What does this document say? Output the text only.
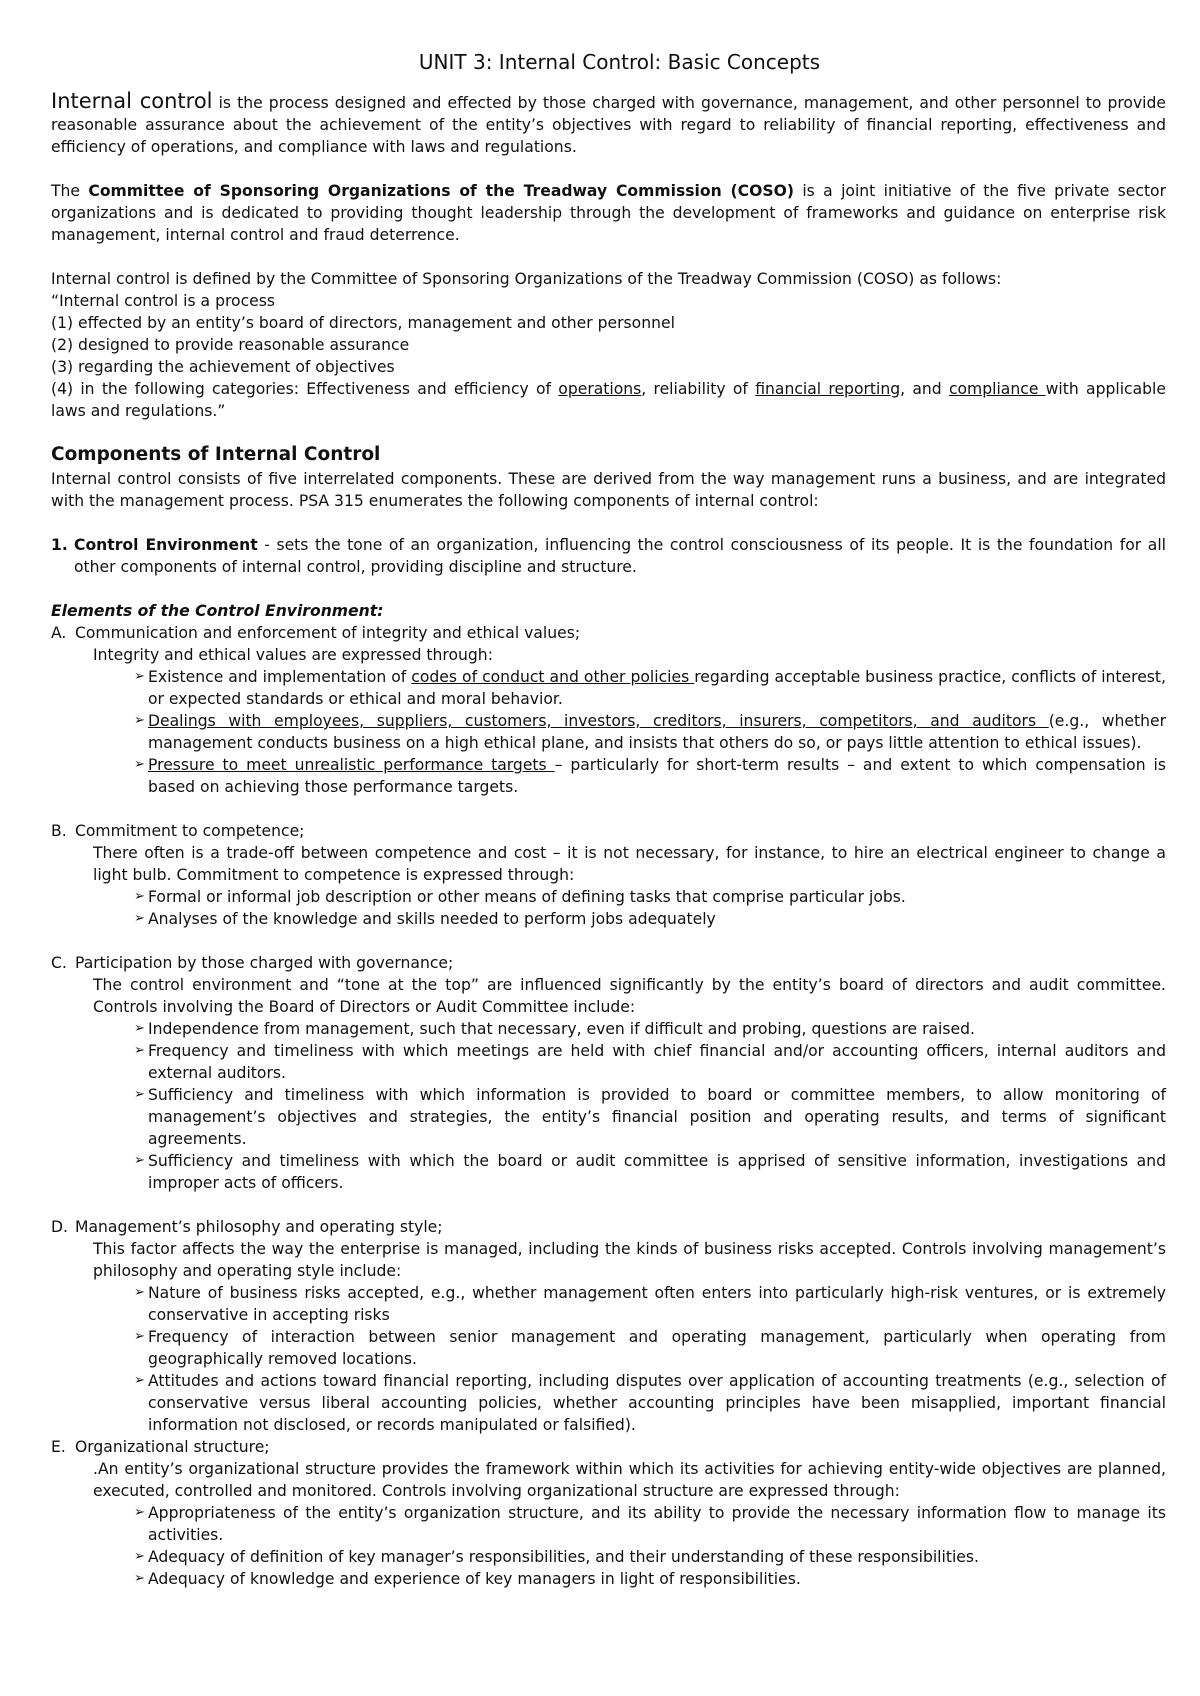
UNIT 3: Internal Control: Basic Concepts

Internal control is the process designed and effected by those charged with governance, management, and other personnel to provide reasonable assurance about the achievement of the entity’s objectives with regard to reliability of financial reporting, effectiveness and efficiency of operations, and compliance with laws and regulations.

The Committee of Sponsoring Organizations of the Treadway Commission (COSO) is a joint initiative of the five private sector organizations and is dedicated to providing thought leadership through the development of frameworks and guidance on enterprise risk management, internal control and fraud deterrence.

Internal control is defined by the Committee of Sponsoring Organizations of the Treadway Commission (COSO) as follows:

“Internal control is a process

(1) effected by an entity’s board of directors, management and other personnel

(2) designed to provide reasonable assurance

(3) regarding the achievement of objectives

(4) in the following categories: Effectiveness and efficiency of operations, reliability of financial reporting, and compliance with applicable laws and regulations.”

Components of Internal Control

Internal control consists of five interrelated components. These are derived from the way management runs a business, and are integrated with the management process. PSA 315 enumerates the following components of internal control:

1. Control Environment - sets the tone of an organization, influencing the control consciousness of its people. It is the foundation for all other components of internal control, providing discipline and structure.

Elements of the Control Environment:

A. Communication and enforcement of integrity and ethical values;

Integrity and ethical values are expressed through:

➢ Existence and implementation of codes of conduct and other policies regarding acceptable business practice, conflicts of interest, or expected standards or ethical and moral behavior.
➢ Dealings with employees, suppliers, customers, investors, creditors, insurers, competitors, and auditors (e.g., whether management conducts business on a high ethical plane, and insists that others do so, or pays little attention to ethical issues).
➢ Pressure to meet unrealistic performance targets – particularly for short-term results – and extent to which compensation is based on achieving those performance targets.

B. Commitment to competence;

There often is a trade-off between competence and cost – it is not necessary, for instance, to hire an electrical engineer to change a light bulb. Commitment to competence is expressed through:

➢ Formal or informal job description or other means of defining tasks that comprise particular jobs.
➢ Analyses of the knowledge and skills needed to perform jobs adequately

C. Participation by those charged with governance;

The control environment and “tone at the top” are influenced significantly by the entity’s board of directors and audit committee. Controls involving the Board of Directors or Audit Committee include:

➢ Independence from management, such that necessary, even if difficult and probing, questions are raised.
➢ Frequency and timeliness with which meetings are held with chief financial and/or accounting officers, internal auditors and external auditors.
➢ Sufficiency and timeliness with which information is provided to board or committee members, to allow monitoring of management’s objectives and strategies, the entity’s financial position and operating results, and terms of significant agreements.
➢ Sufficiency and timeliness with which the board or audit committee is apprised of sensitive information, investigations and improper acts of officers.

D. Management’s philosophy and operating style;

This factor affects the way the enterprise is managed, including the kinds of business risks accepted. Controls involving management’s philosophy and operating style include:

➢ Nature of business risks accepted, e.g., whether management often enters into particularly high-risk ventures, or is extremely conservative in accepting risks
➢ Frequency of interaction between senior management and operating management, particularly when operating from geographically removed locations.
➢ Attitudes and actions toward financial reporting, including disputes over application of accounting treatments (e.g., selection of conservative versus liberal accounting policies, whether accounting principles have been misapplied, important financial information not disclosed, or records manipulated or falsified).

E. Organizational structure;

.An entity’s organizational structure provides the framework within which its activities for achieving entity-wide objectives are planned, executed, controlled and monitored. Controls involving organizational structure are expressed through:

➢ Appropriateness of the entity’s organization structure, and its ability to provide the necessary information flow to manage its activities.
➢ Adequacy of definition of key manager’s responsibilities, and their understanding of these responsibilities.
➢ Adequacy of knowledge and experience of key managers in light of responsibilities.
